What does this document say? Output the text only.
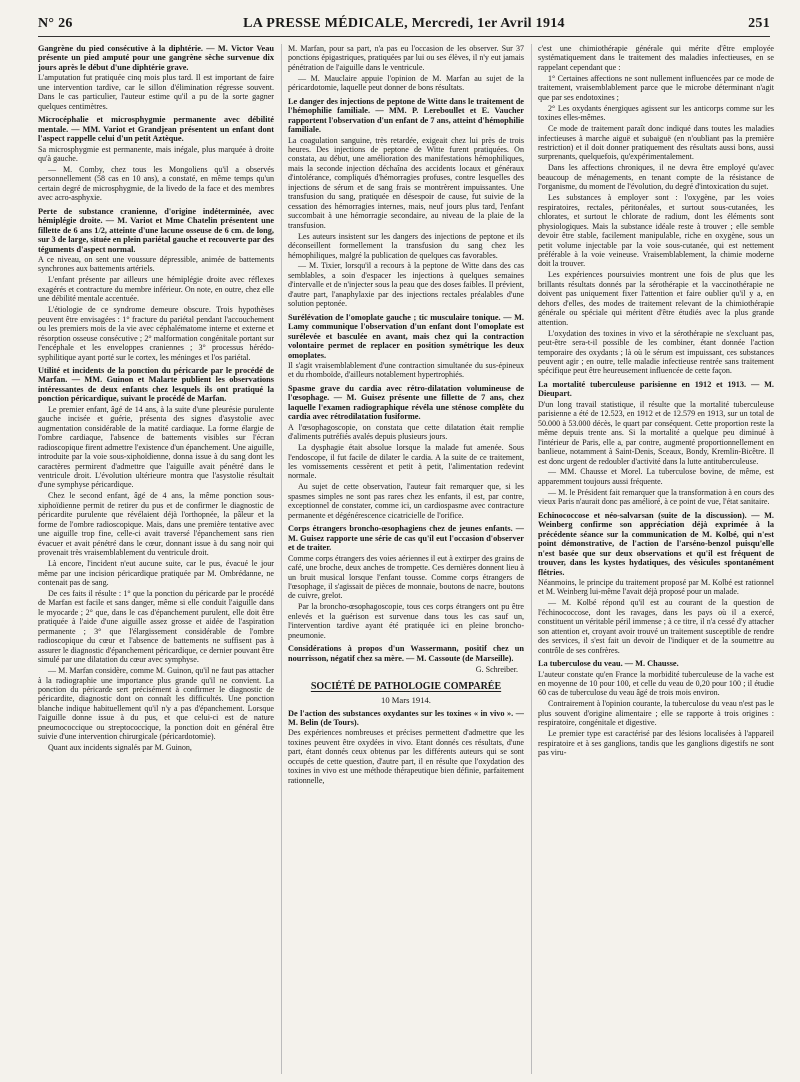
N° 26	LA PRESSE MÉDICALE, Mercredi, 1er Avril 1914	251
Gangrène du pied consécutive à la diphtérie. — M. Victor Veau présente un pied amputé pour une gangrène sèche survenue dix jours après le début d'une diphtérie grave.

L'amputation fut pratiquée cinq mois plus tard. Il est important de faire une intervention tardive, car le sillon d'élimination régresse souvent. Dans le cas particulier, l'auteur estime qu'il a pu de la sorte gagner quelques centimètres.

Microcéphalie et microsphygmie permanente avec débilité mentale. — MM. Variot et Grandjean présentent un enfant dont l'aspect rappelle celui d'un petit Aztèque.

Sa microsphygmie est permanente, mais inégale, plus marquée à droite qu'à gauche.

— M. Comby, chez tous les Mongoliens qu'il a observés personnellement (58 cas en 10 ans), a constaté, en même temps qu'un certain degré de microsphygmie, de la livedo de la face et des membres avec acro-asphyxie.

Perte de substance cranienne, d'origine indéterminée, avec hémiplégie droite. — M. Variot et Mme Chatelin présentent une fillette de 6 ans 1/2, atteinte d'une lacune osseuse de 6 cm. de long, sur 3 de large, située en plein pariétal gauche et recouverte par des téguments d'aspect normal.

A ce niveau, on sent une voussure dépressible, animée de battements synchrones aux battements artériels.

L'enfant présente par ailleurs une hémiplégie droite avec réflexes exagérés et contracture du membre inférieur. On note, en outre, chez elle une débilité mentale accentuée.

L'étiologie de ce syndrome demeure obscure. Trois hypothèses peuvent être envisagées : 1° fracture du pariétal pendant l'accouchement ou les premiers mois de la vie avec céphalématome interne et externe et résorption osseuse consécutive ; 2° malformation congénitale portant sur l'encéphale et les enveloppes craniennes ; 3° processus hérédo-syphilitique ayant porté sur le cortex, les méninges et l'os pariétal.

Utilité et incidents de la ponction du péricarde par le procédé de Marfan. — MM. Guinon et Malarte publient les observations intéressantes de deux enfants chez lesquels ils ont pratiqué la ponction péricardique, suivant le procédé de Marfan.

Le premier enfant, âgé de 14 ans, à la suite d'une pleurésie purulente gauche incisée et guérie, présenta des signes d'asystolie avec augmentation considérable de la matité cardiaque. La forme élargie de l'ombre cardiaque, l'absence de battements visibles sur l'écran radioscopique firent admettre l'existence d'un épanchement. Une aiguille, introduite par la voie sous-xiphoïdienne, donna issue à du sang dont les caractères permirent d'admettre que l'aiguille avait pénétré dans le ventricule droit. L'évolution ultérieure montra que l'asystolie résultait d'une symphyse péricardique.

Chez le second enfant, âgé de 4 ans, la même ponction sous-xiphoïdienne permit de retirer du pus et de confirmer le diagnostic de péricardite purulente que révélaient déjà l'orthopnée, la pâleur et la forme de l'ombre radioscopique. Mais, dans une première tentative avec une aiguille trop fine, celle-ci avait traversé l'épanchement sans rien évacuer et avait pénétré dans le cœur, donnant issue à du sang noir qui provenait très vraisemblablement du ventricule droit.

Là encore, l'incident n'eut aucune suite, car le pus, évacué le jour même par une incision péricardique pratiquée par M. Ombrédanne, ne contenait pas de sang.

De ces faits il résulte : 1° que la ponction du péricarde par le procédé de Marfan est facile et sans danger, même si elle conduit l'aiguille dans le myocarde ; 2° que, dans le cas d'épanchement purulent, elle doit être pratiquée à l'aide d'une aiguille assez grosse et aidée de l'aspiration permanente ; 3° que l'élargissement considérable de l'ombre radioscopique du cœur et l'absence de battements ne suffisent pas à assurer le diagnostic d'épanchement péricardique, ce dernier pouvant être simulé par une dilatation du cœur avec symphyse.

— M. Marfan considère, comme M. Guinon, qu'il ne faut pas attacher à la radiographie une importance plus grande qu'il ne convient. La ponction du péricarde sert précisément à confirmer le diagnostic de péricardite, diagnostic dont on connaît les difficultés. Une ponction blanche indique habituellement qu'il n'y a pas d'épanchement. Lorsque l'aiguille donne issue à du pus, et que celui-ci est de nature pneumococcique ou streptococcique, la ponction doit en général être suivie d'une intervention chirurgicale (péricardotomie).

Quant aux incidents signalés par M. Guinon,

M. Marfan, pour sa part, n'a pas eu l'occasion de les observer. Sur 37 ponctions épigastriques, pratiquées par lui ou ses élèves, il n'y eut jamais pénétration de l'aiguille dans le ventricule.

— M. Mauclaire appuie l'opinion de M. Marfan au sujet de la péricardotomie, laquelle peut donner de bons résultats.

Le danger des injections de peptone de Witte dans le traitement de l'hémophilie familiale. — MM. P. Lereboullet et E. Vaucher rapportent l'observation d'un enfant de 7 ans, atteint d'hémophilie familiale.

La coagulation sanguine, très retardée, exigeait chez lui près de trois heures. Des injections de peptone de Witte furent pratiquées. On constata, au début, une amélioration des manifestations hémophiliques, mais la seconde injection déchaîna des accidents locaux et généraux d'intolérance, compliqués d'hémorragies profuses, contre lesquelles des injections de sérum et de sang frais se montrèrent impuissantes. Une transfusion du sang, pratiquée en désespoir de cause, fut suivie de la cessation des hémorragies internes, mais, neuf jours plus tard, l'enfant succombait à une hémorragie secondaire, au niveau de la plaie de la transfusion.

Les auteurs insistent sur les dangers des injections de peptone et ils déconseillent formellement la transfusion du sang chez les hémophiliques, malgré la publication de quelques cas favorables.

— M. Tixier, lorsqu'il a recours à la peptone de Witte dans des cas semblables, a soin d'espacer les injections à quelques semaines d'intervalle et de n'injecter sous la peau que des doses faibles. Il prévient, d'autre part, l'anaphylaxie par des injections rectales préalables d'une solution peptonée.

Surélévation de l'omoplate gauche ; tic musculaire tonique. — M. Lamy communique l'observation d'un enfant dont l'omoplate est surélevée et basculée en avant, mais chez qui la contraction volontaire permet de replacer en position symétrique les deux omoplates.

Il s'agit vraisemblablement d'une contraction simultanée du sus-épineux et du rhomboïde, d'ailleurs notablement hypertrophiés.

Spasme grave du cardia avec rétro-dilatation volumineuse de l'œsophage. — M. Guisez présente une fillette de 7 ans, chez laquelle l'examen radiographique révéla une sténose complète du cardia avec rétrodilatation fusiforme.

A l'œsophagoscopie, on constata que cette dilatation était remplie d'aliments putréfiés avalés depuis plusieurs jours.

La dysphagie était absolue lorsque la malade fut amenée. Sous l'endoscope, il fut facile de dilater le cardia. A la suite de ce traitement, les vomissements cessèrent et petit à petit, l'alimentation redevint normale.

Au sujet de cette observation, l'auteur fait remarquer que, si les spasmes simples ne sont pas rares chez les enfants, il est, par contre, exceptionnel de constater, comme ici, un cardiospasme avec contracture permanente et dégénérescence cicatricielle de l'orifice.

Corps étrangers broncho-œsophagiens chez de jeunes enfants. — M. Guisez rapporte une série de cas qu'il eut l'occasion d'observer et de traiter.

Comme corps étrangers des voies aériennes il eut à extirper des grains de café, une broche, deux anches de trompette. Ces dernières donnent lieu à un bruit musical lorsque l'enfant tousse. Comme corps étrangers de l'œsophage, il s'agissait de pièces de monnaie, boutons de nacre, boutons de cuivre, grelot.

Par la broncho-œsophagoscopie, tous ces corps étrangers ont pu être enlevés et la guérison est survenue dans tous les cas sauf un, l'intervention tardive ayant été pratiquée ici en pleine broncho-pneumonie.

Considérations à propos d'un Wassermann, positif chez un nourrisson, négatif chez sa mère. — M. Cassoute (de Marseille).

G. Schreiber.

SOCIÉTÉ DE PATHOLOGIE COMPARÉE
10 Mars 1914.
De l'action des substances oxydantes sur les toxines « in vivo ». — M. Belin (de Tours).

Des expériences nombreuses et précises permettent d'admettre que les toxines peuvent être oxydées in vivo. Etant donnés ces résultats, d'une part, étant donnés ceux obtenus par les différents auteurs qui se sont occupés de cette question, d'autre part, il en résulte que l'oxydation des toxines in vivo est une méthode thérapeutique bien définie, parfaitement rationnelle,

c'est une chimiothérapie générale qui mérite d'être employée systématiquement dans le traitement des maladies infectieuses, en se rappelant cependant que :

1° Certaines affections ne sont nullement influencées par ce mode de traitement, vraisemblablement parce que le microbe déterminant n'agit que par ses endotoxines ;

2° Les oxydants énergiques agissent sur les anticorps comme sur les toxines elles-mêmes.

Ce mode de traitement paraît donc indiqué dans toutes les maladies infectieuses à marche aiguë et subaiguë (en n'oubliant pas la première restriction) et il doit donner pratiquement des résultats aussi bons, aussi surprenants, quelquefois, qu'expérimentalement.

Dans les affections chroniques, il ne devra être employé qu'avec beaucoup de ménagements, en tenant compte de la résistance de l'organisme, du moment de l'évolution, du degré d'intoxication du sujet.

Les substances à employer sont : l'oxygène, par les voies respiratoires, rectales, péritonéales, et surtout sous-cutanées, les chlorates, et surtout le chlorate de radium, dont les éléments sont physiologiques. Mais la substance idéale reste à trouver ; elle semble devoir être stable, facilement manipulable, riche en oxygène, sous un petit volume injectable par la voie sous-cutanée, qui est nettement préférable à la voie veineuse. Vraisemblablement, la chimie moderne doit la trouver.

Les expériences poursuivies montrent une fois de plus que les brillants résultats donnés par la sérothérapie et la vaccinothérapie ne doivent pas uniquement fixer l'attention et faire oublier qu'il y a, en dehors d'elles, des modes de traitement relevant de la chimiothérapie générale ou spéciale qui méritent d'être étudiés avec la plus grande attention.

L'oxydation des toxines in vivo et la sérothérapie ne s'excluant pas, peut-être sera-t-il possible de les combiner, étant donnée l'action temporaire des oxydants ; là où le sérum est impuissant, ces substances peuvent agir ; en outre, telle maladie infectieuse rentrée sans traitement spécifique peut être heureusement influencée de cette façon.

La mortalité tuberculeuse parisienne en 1912 et 1913. — M. Dieupart.

D'un long travail statistique, il résulte que la mortalité tuberculeuse parisienne a été de 12.523, en 1912 et de 12.579 en 1913, sur un total de 50.000 à 53.000 décès, le quart par conséquent. Cette proportion reste la même depuis trente ans. Si la mortalité a quelque peu diminué à l'intérieur de Paris, elle a, par contre, augmenté proportionnellement en banlieue, notamment à Saint-Denis, Sceaux, Bondy, Kremlin-Bicêtre. Il est donc urgent de redoubler d'activité dans la lutte antituberculeuse.

— MM. Chausse et Morel. La tuberculose bovine, de même, est apparemment toujours aussi fréquente.

— M. le Président fait remarquer que la transformation à en cours des vieux Paris n'aurait donc pas amélioré, à ce point de vue, l'état sanitaire.

Echinococcose et néo-salvarsan (suite de la discussion). — M. Weinberg confirme son appréciation déjà exprimée à la précédente séance sur la communication de M. Kolbé, qui n'est point démonstrative, de l'action de l'arséno-benzol puisqu'elle n'est basée que sur deux observations et qu'il est fréquent de trouver, dans les kystes hydatiques, des vésicules spontanément flétries.

Néanmoins, le principe du traitement proposé par M. Kolbé est rationnel et M. Weinberg lui-même l'avait déjà proposé pour un malade.

— M. Kolbé répond qu'il est au courant de la question de l'échinococcose, dont les ravages, dans les pays où il a exercé, constituent un véritable péril immense ; à ce titre, il n'a cessé d'y attacher son attention et, croyant avoir trouvé un traitement susceptible de rendre des services, il s'est fait un devoir de l'indiquer et de la soumettre au contrôle de ses confrères.

La tuberculose du veau. — M. Chausse.

L'auteur constate qu'en France la morbidité tuberculeuse de la vache est en moyenne de 10 pour 100, et celle du veau de 0,20 pour 100 ; il étudie 60 cas de tuberculose du veau âgé de trois mois environ.

Contrairement à l'opinion courante, la tuberculose du veau n'est pas le plus souvent d'origine alimentaire ; elle se rapporte à trois origines : respiratoire, congénitale et digestive.

Le premier type est caractérisé par des lésions localisées à l'appareil respiratoire et à ses ganglions, tandis que les ganglions digestifs ne sont pas viru-
